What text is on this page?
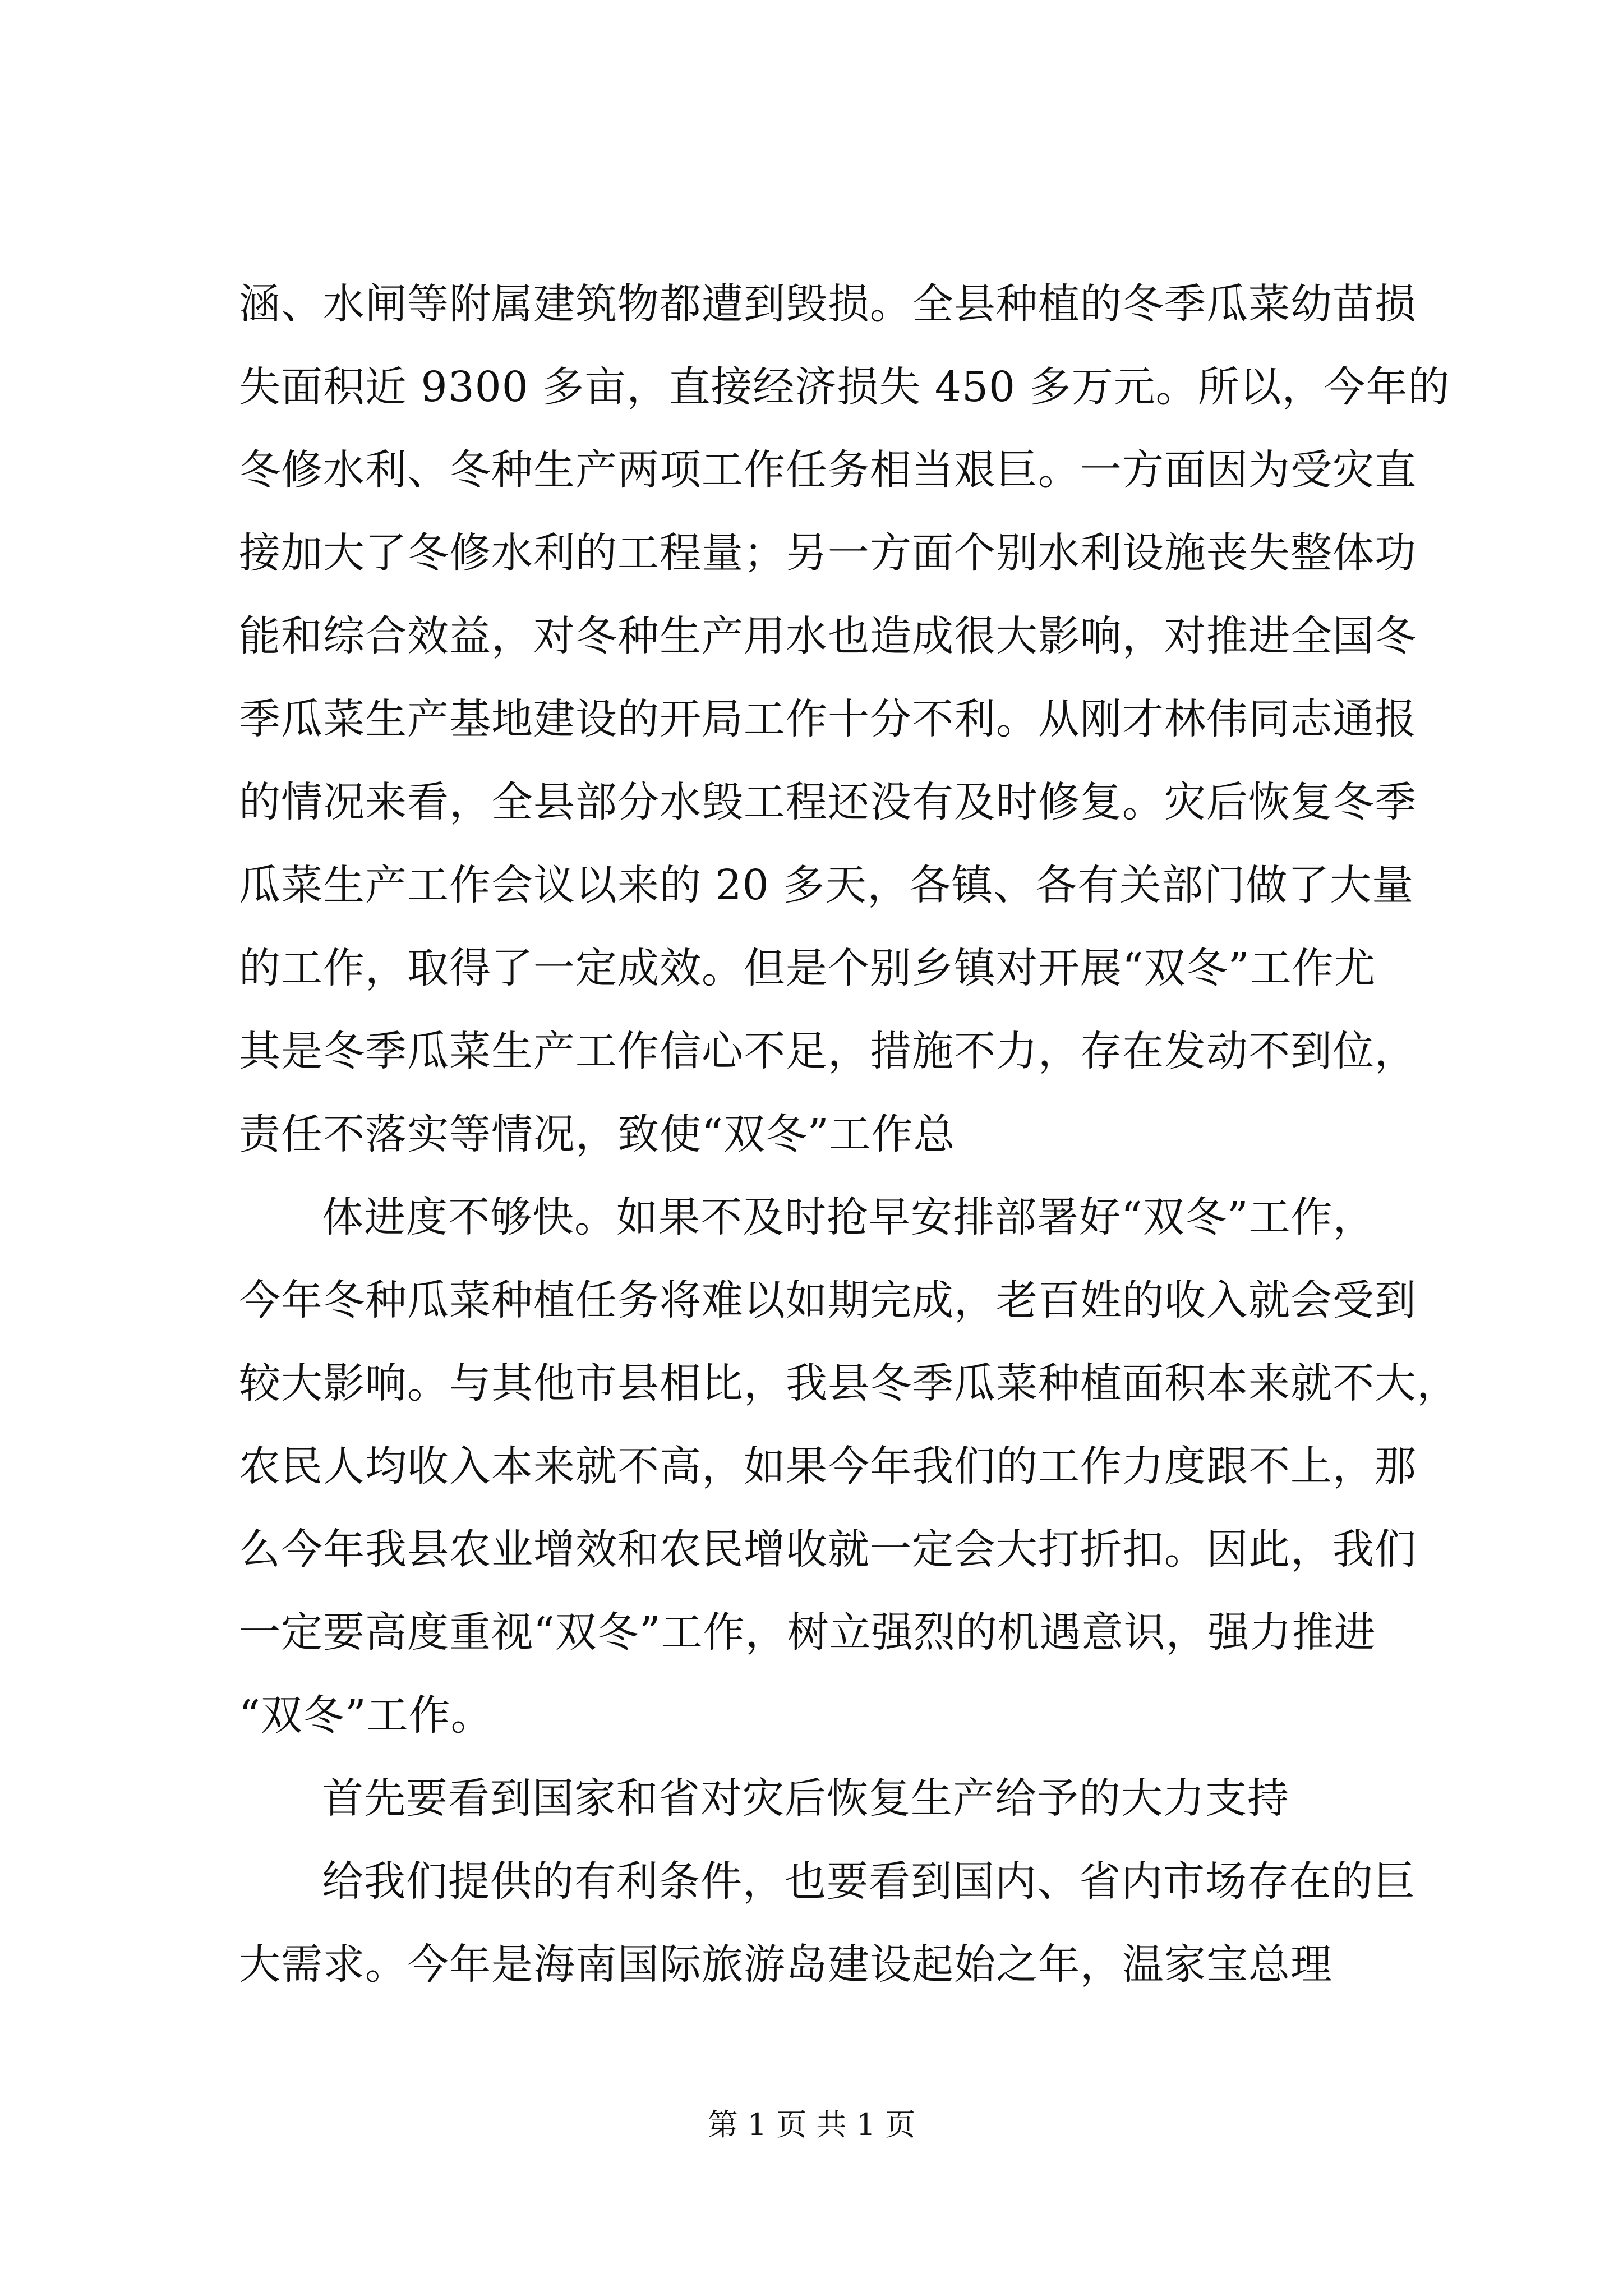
涵、水闸等附属建筑物都遭到毁损。全县种植的冬季瓜菜幼苗损
失面积近 9300 多亩，直接经济损失 450 多万元。所以，今年的
冬修水利、冬种生产两项工作任务相当艰巨。一方面因为受灾直
接加大了冬修水利的工程量；另一方面个别水利设施丧失整体功
能和综合效益，对冬种生产用水也造成很大影响，对推进全国冬
季瓜菜生产基地建设的开局工作十分不利。从刚才林伟同志通报
的情况来看，全县部分水毁工程还没有及时修复。灾后恢复冬季
瓜菜生产工作会议以来的 20 多天，各镇、各有关部门做了大量
的工作，取得了一定成效。但是个别乡镇对开展“双冬”工作尤
其是冬季瓜菜生产工作信心不足，措施不力，存在发动不到位，
责任不落实等情况，致使“双冬”工作总
体进度不够快。如果不及时抢早安排部署好“双冬”工作，
今年冬种瓜菜种植任务将难以如期完成，老百姓的收入就会受到
较大影响。与其他市县相比，我县冬季瓜菜种植面积本来就不大，
农民人均收入本来就不高，如果今年我们的工作力度跟不上，那
么今年我县农业增效和农民增收就一定会大打折扣。因此，我们
一定要高度重视“双冬”工作，树立强烈的机遇意识，强力推进
“双冬”工作。
首先要看到国家和省对灾后恢复生产给予的大力支持
给我们提供的有利条件，也要看到国内、省内市场存在的巨
大需求。今年是海南国际旅游岛建设起始之年，温家宝总理
第 1 页 共 1 页
